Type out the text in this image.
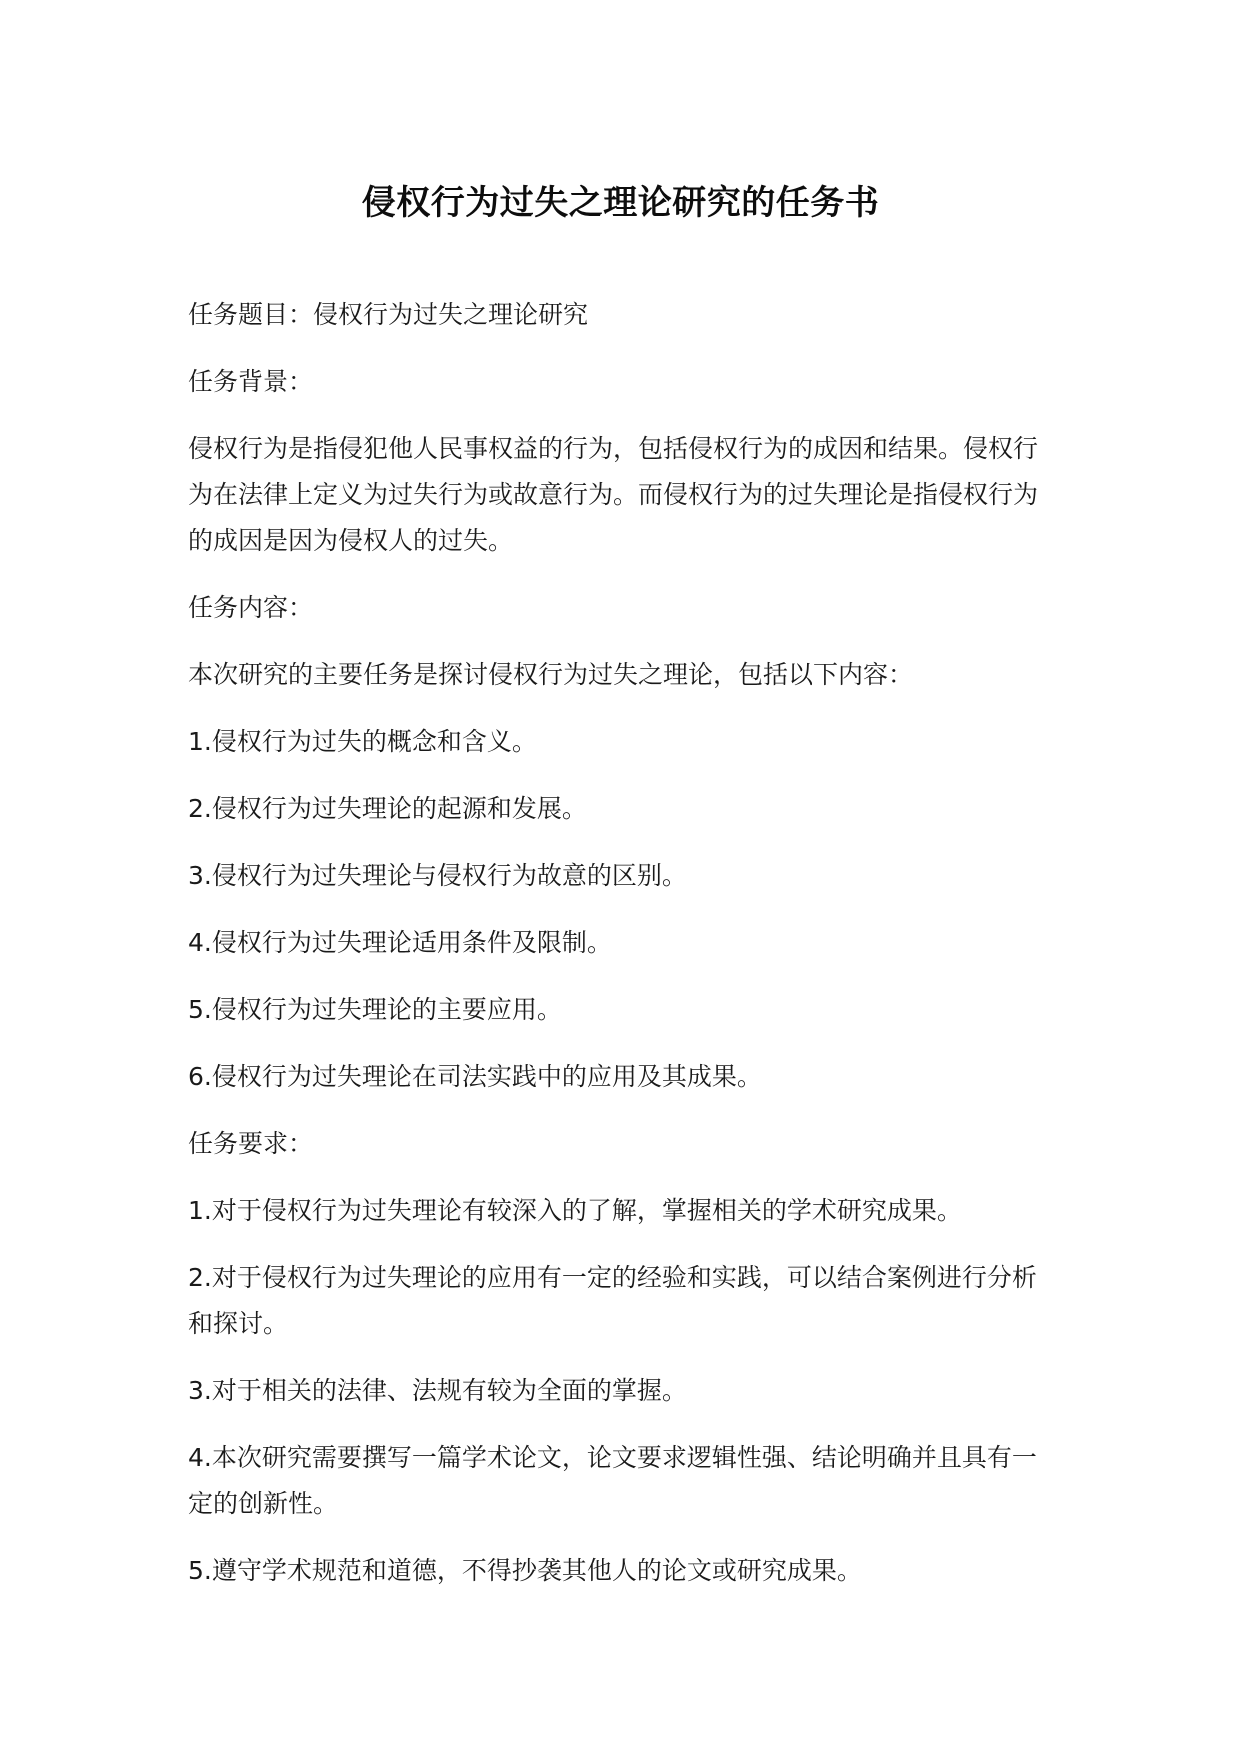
侵权行为过失之理论研究的任务书

任务题目：侵权行为过失之理论研究

任务背景：

侵权行为是指侵犯他人民事权益的行为，包括侵权行为的成因和结果。侵权行为在法律上定义为过失行为或故意行为。而侵权行为的过失理论是指侵权行为的成因是因为侵权人的过失。

任务内容：

本次研究的主要任务是探讨侵权行为过失之理论，包括以下内容：

1.侵权行为过失的概念和含义。

2.侵权行为过失理论的起源和发展。

3.侵权行为过失理论与侵权行为故意的区别。

4.侵权行为过失理论适用条件及限制。

5.侵权行为过失理论的主要应用。

6.侵权行为过失理论在司法实践中的应用及其成果。

任务要求：

1.对于侵权行为过失理论有较深入的了解，掌握相关的学术研究成果。

2.对于侵权行为过失理论的应用有一定的经验和实践，可以结合案例进行分析和探讨。

3.对于相关的法律、法规有较为全面的掌握。

4.本次研究需要撰写一篇学术论文，论文要求逻辑性强、结论明确并且具有一定的创新性。

5.遵守学术规范和道德，不得抄袭其他人的论文或研究成果。
